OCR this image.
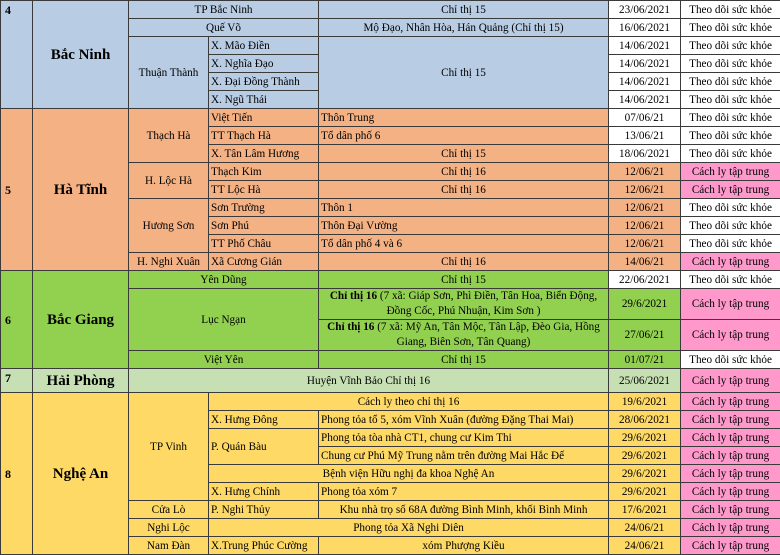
4	Bắc Ninh	TP Bắc Ninh		Chỉ thị 15	23/06/2021	Theo dõi sức khỏe
		Quế Võ		Mộ Đạo, Nhân Hòa, Hán Quảng (Chỉ thị 15)	16/06/2021	Theo dõi sức khỏe
		Thuận Thành	X. Mão Điền	Chỉ thị 15	14/06/2021	Theo dõi sức khỏe
			X. Nghĩa Đạo		14/06/2021	Theo dõi sức khỏe
			X. Đại Đồng Thành		14/06/2021	Theo dõi sức khỏe
			X. Ngũ Thái		14/06/2021	Theo dõi sức khỏe
5	Hà Tĩnh	Thạch Hà	Việt Tiến	Thôn Trung	07/06/21	Theo dõi sức khỏe
			TT Thạch Hà	Tổ dân phố 6	13/06/21	Theo dõi sức khỏe
			X. Tân Lâm Hương	Chỉ thị 15	18/06/2021	Theo dõi sức khỏe
		H. Lộc Hà	Thạch Kim	Chỉ thị 16	12/06/21	Cách ly tập trung
			TT Lộc Hà	Chỉ thị 16	12/06/21	Cách ly tập trung
		Hương Sơn	Sơn Trường	Thôn 1	12/06/21	Theo dõi sức khỏe
			Sơn Phú	Thôn Đại Vường	12/06/21	Theo dõi sức khỏe
			TT Phố Châu	Tổ dân phố 4 và 6	12/06/21	Theo dõi sức khỏe
		H. Nghi Xuân	Xã Cương Gián	Chỉ thị 16	14/06/21	Cách ly tập trung
6	Bắc Giang	Yên Dũng		Chỉ thị 15	22/06/2021	Theo dõi sức khỏe
		Lục Ngạn		Chỉ thị 16 (7 xã: Giáp Sơn, Phì Điền, Tân Hoa, Biển Động, Đồng Cốc, Phú Nhuận, Kim Sơn )	29/6/2021	Cách ly tập trung
				Chỉ thị 16 (7 xã: Mỹ An, Tân Mộc, Tân Lập, Đèo Gia, Hồng Giang, Biên Sơn, Tân Quang)	27/06/21	Cách ly tập trung
		Việt Yên		Chỉ thị 15	01/07/21	Theo dõi sức khỏe
7	Hải Phòng	Huyện Vĩnh Bảo Chỉ thị 16			25/06/2021	Cách ly tập trung
8	Nghệ An	TP Vinh	Cách ly theo chỉ thị 16		19/6/2021	Cách ly tập trung
			X. Hưng Đông	Phong tỏa tổ 5, xóm Vĩnh Xuân (đường Đặng Thai Mai)	28/06/2021	Cách ly tập trung
			P. Quán Bàu	Phong tỏa tòa nhà CT1, chung cư Kim Thi	29/6/2021	Cách ly tập trung
				Chung cư Phú Mỹ Trung nằm trên đường Mai Hắc Đế	29/6/2021	Cách ly tập trung
			Bệnh viện Hữu nghị đa khoa Nghệ An		29/6/2021	Cách ly tập trung
			X. Hưng Chính	Phong tỏa xóm 7	29/6/2021	Cách ly tập trung
		Cửa Lò	P. Nghi Thủy	Khu nhà trọ số 68A đường Bình Minh, khối Bình Minh	17/6/2021	Cách ly tập trung
		Nghi Lộc	Phong tỏa Xã Nghi Diên		24/06/21	Cách ly tập trung
		Nam Đàn	X.Trung Phúc Cường	xóm Phượng Kiều	24/06/21	Cách ly tập trung
